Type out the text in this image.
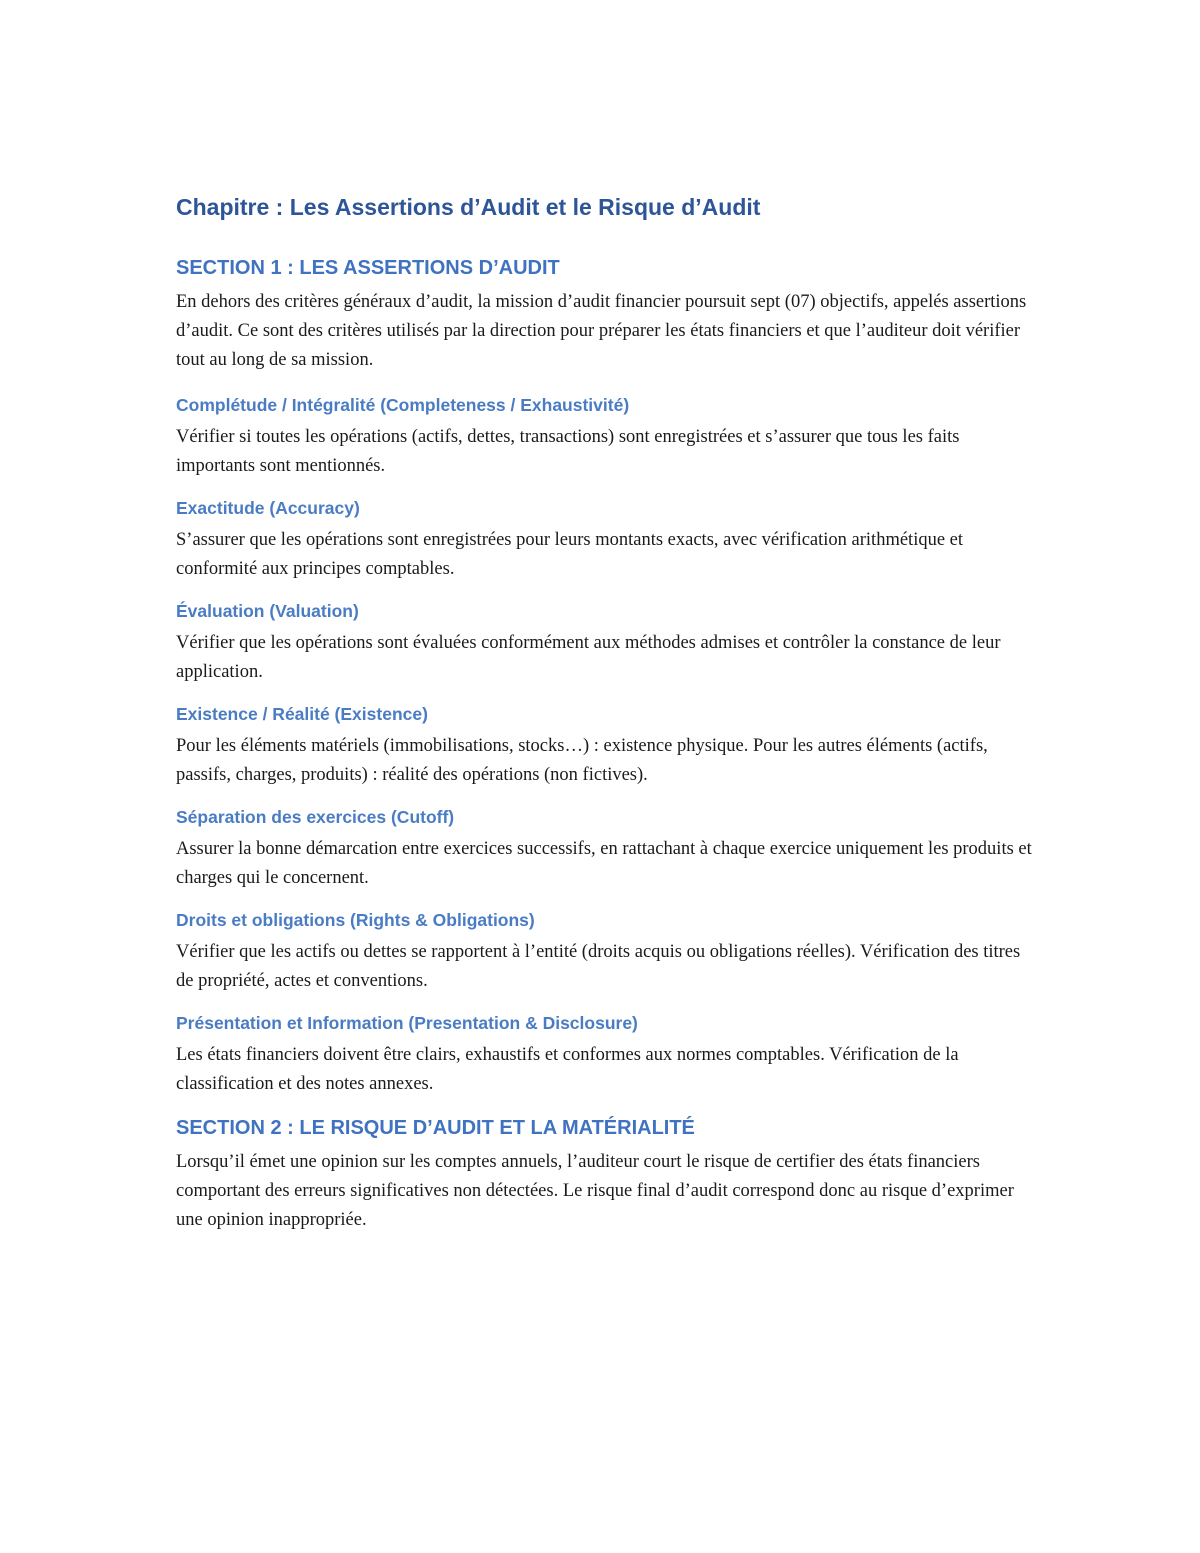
Chapitre : Les Assertions d’Audit et le Risque d’Audit
SECTION 1 : LES ASSERTIONS D’AUDIT

En dehors des critères généraux d’audit, la mission d’audit financier poursuit sept (07) objectifs, appelés assertions d’audit. Ce sont des critères utilisés par la direction pour préparer les états financiers et que l’auditeur doit vérifier tout au long de sa mission.

Complétude / Intégralité (Completeness / Exhaustivité)

Vérifier si toutes les opérations (actifs, dettes, transactions) sont enregistrées et s’assurer que tous les faits importants sont mentionnés.

Exactitude (Accuracy)

S’assurer que les opérations sont enregistrées pour leurs montants exacts, avec vérification arithmétique et conformité aux principes comptables.

Évaluation (Valuation)

Vérifier que les opérations sont évaluées conformément aux méthodes admises et contrôler la constance de leur application.

Existence / Réalité (Existence)

Pour les éléments matériels (immobilisations, stocks…) : existence physique. Pour les autres éléments (actifs, passifs, charges, produits) : réalité des opérations (non fictives).

Séparation des exercices (Cutoff)

Assurer la bonne démarcation entre exercices successifs, en rattachant à chaque exercice uniquement les produits et charges qui le concernent.

Droits et obligations (Rights & Obligations)

Vérifier que les actifs ou dettes se rapportent à l’entité (droits acquis ou obligations réelles). Vérification des titres de propriété, actes et conventions.

Présentation et Information (Presentation & Disclosure)

Les états financiers doivent être clairs, exhaustifs et conformes aux normes comptables. Vérification de la classification et des notes annexes.

SECTION 2 : LE RISQUE D’AUDIT ET LA MATÉRIALITÉ

Lorsqu’il émet une opinion sur les comptes annuels, l’auditeur court le risque de certifier des états financiers comportant des erreurs significatives non détectées. Le risque final d’audit correspond donc au risque d’exprimer une opinion inappropriée.
